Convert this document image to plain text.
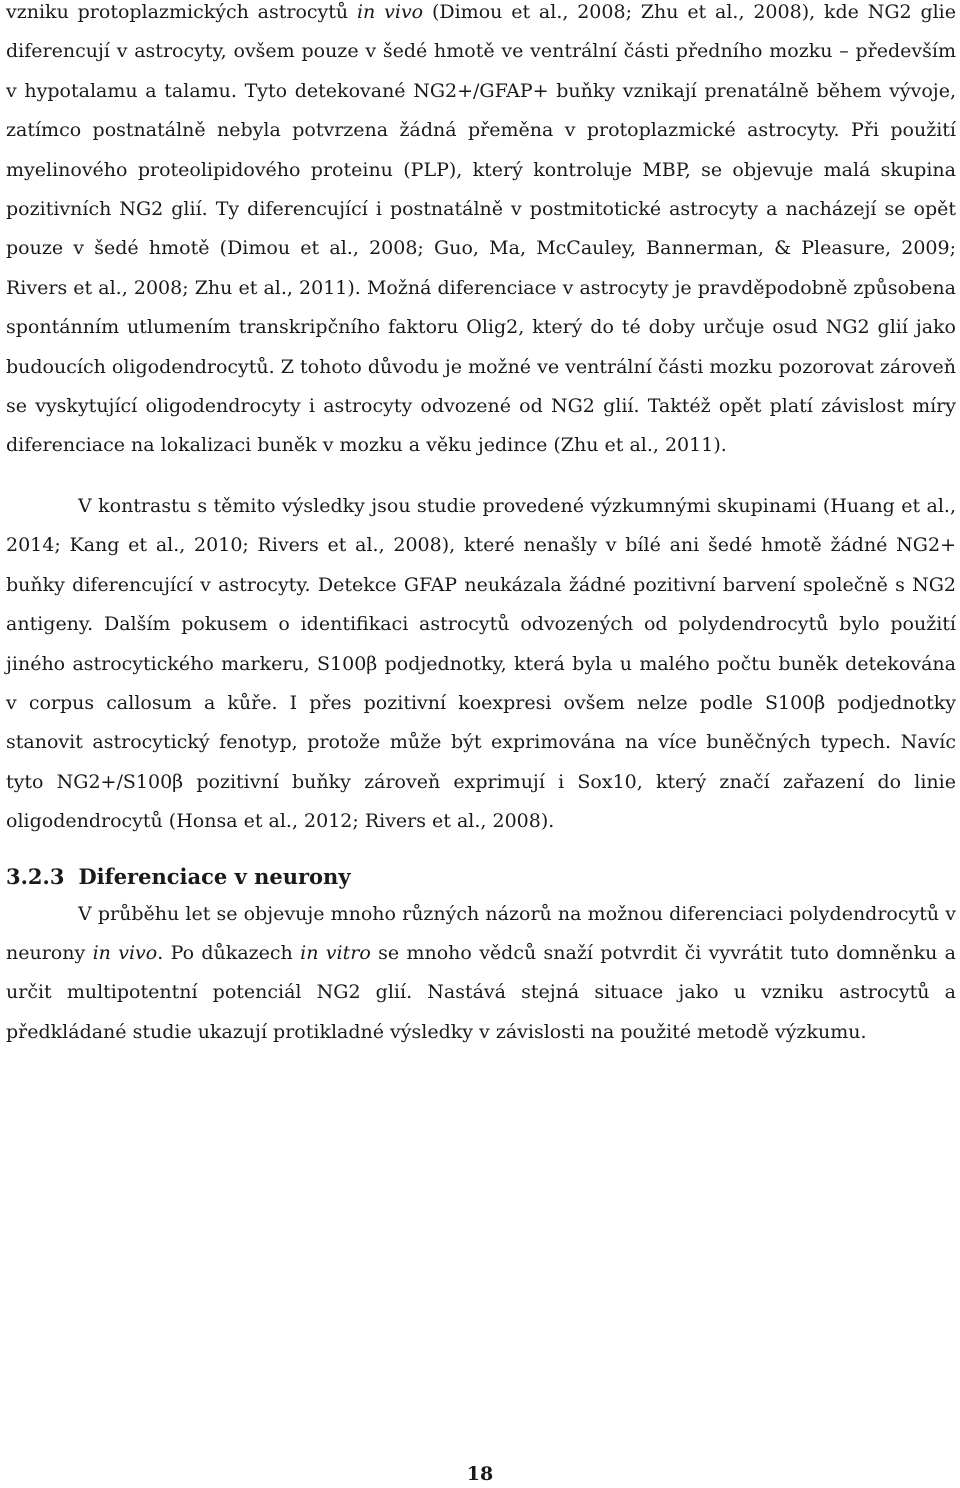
vzniku protoplazmických astrocytů in vivo (Dimou et al., 2008; Zhu et al., 2008), kde NG2 glie diferencují v astrocyty, ovšem pouze v šedé hmotě ve ventrální části předního mozku – především v hypotalamu a talamu. Tyto detekované NG2+/GFAP+ buňky vznikají prenatálně během vývoje, zatímco postnatálně nebyla potvrzena žádná přeměna v protoplazmické astrocyty. Při použití myelinového proteolipidového proteinu (PLP), který kontroluje MBP, se objevuje malá skupina pozitivních NG2 glií. Ty diferencující i postnatálně v postmitotické astrocyty a nacházejí se opět pouze v šedé hmotě (Dimou et al., 2008; Guo, Ma, McCauley, Bannerman, & Pleasure, 2009; Rivers et al., 2008; Zhu et al., 2011). Možná diferenciace v astrocyty je pravděpodobně způsobena spontánním utlumením transkripčního faktoru Olig2, který do té doby určuje osud NG2 glií jako budoucích oligodendrocytů. Z tohoto důvodu je možné ve ventrální části mozku pozorovat zároveň se vyskytující oligodendrocyty i astrocyty odvozené od NG2 glií. Taktéž opět platí závislost míry diferenciace na lokalizaci buněk v mozku a věku jedince (Zhu et al., 2011).

V kontrastu s těmito výsledky jsou studie provedené výzkumnými skupinami (Huang et al., 2014; Kang et al., 2010; Rivers et al., 2008), které nenašly v bílé ani šedé hmotě žádné NG2+ buňky diferencující v astrocyty. Detekce GFAP neukázala žádné pozitivní barvení společně s NG2 antigeny. Dalším pokusem o identifikaci astrocytů odvozených od polydendrocytů bylo použití jiného astrocytického markeru, S100β podjednotky, která byla u malého počtu buněk detekována v corpus callosum a kůře. I přes pozitivní koexpresi ovšem nelze podle S100β podjednotky stanovit astrocytický fenotyp, protože může být exprimována na více buněčných typech. Navíc tyto NG2+/S100β pozitivní buňky zároveň exprimují i Sox10, který značí zařazení do linie oligodendrocytů (Honsa et al., 2012; Rivers et al., 2008).

3.2.3 Diferenciace v neurony

V průběhu let se objevuje mnoho různých názorů na možnou diferenciaci polydendrocytů v neurony in vivo. Po důkazech in vitro se mnoho vědců snaží potvrdit či vyvrátit tuto domněnku a určit multipotentní potenciál NG2 glií. Nastává stejná situace jako u vzniku astrocytů a předkládané studie ukazují protikladné výsledky v závislosti na použité metodě výzkumu.

18
